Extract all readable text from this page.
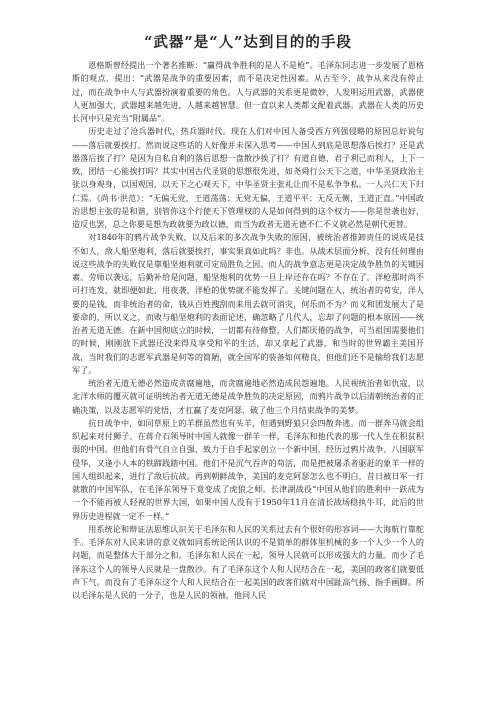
“武器”是“人”达到目的的手段

恩格斯曾经提出一个著名推断：“赢得战争胜利的是人不是枪”。毛泽东同志进一步发展了恩格斯的观点，提出：“武器是战争的重要因素，而不是决定性因素。从古至今，战争从来没有停止过，而在战争中人与武器扮演着重要的角色。人与武器的关系更是微妙，人发明运用武器，武器使人更加强大，武器越来越先进，人越来越智慧。但一直以来人类都文配着武器。武器在人类的历史长河中只是充当“附属品”。

历史走过了沧兵器时代，热兵器时代。现在人们对中国人备受西方列强侵略的原因总好说句——落后就要挨打。然而说这些话的人好像并未深入思考——中国人到底是思想落后挨打？还是武器落后挨了打？是因为自私自利的落后思想一盘散沙挨了打？有道自德，君子利己而利人，上下一致，团结一心能挨打吗？其实中国古代圣贤的思想很先进，如尧舜行公天下之道，中华圣贤政治主张以身观身，以国观国，以天下之心观天下，中华圣贤主张礼让而不是私争争私。一人兴仁天下归仁焉。《尚书·洪范》：“无偏无党，王道荡荡；无党无偏，王道平平；无反无侧，王道正直。”中国政治思想主张的是和谐，别管你这个行使天下管理权的人是如何得到的这个权力——你是世袭也好，造反也罢，总之你要是想为政就要为政以德，而当为政者无道无德不仁不义就必然是朝代更替。

对1840年的鸦片战争失败，以及后来的多次战争失败的原因，被统治者推卸责任的说成是技不如人，敌人船坚炮利，落后就要挨打，事实果真如此吗？非也。从战术层面分析，没有任何理由说这些战争的失败仅是靠船坚炮利就可定局胜负之因。而人的战争意志更是决定战争胜负的关键因素。劳师以袭远，后勤补给是问题，船坚炮利的优势一旦上岸还存在吗？不存在了。洋枪那时尚不可打连发，就即便如此，用夜袭，洋枪的优势就不能发挥了。关键问题在人，统治者的苟安，洋人要的是钱，而非统治者的命，钱从百姓搜刮而来用去就可消灾，何乐而不为？而义和团发展大了是要命的，所以义之，而败与船坚炮利的表面论述，确忽略了几代人，忘却了问题的根本原因——统治者无道无德。在新中国彻底立的时候，一切都有待修整，人们都厌倦的战争，可当祖国需要他们的时候，刚刚放下武器还没来得及享受和平的生活，却又拿起了武器，和当时的世界霸主美国开战，当时我们的志愿军武器是何等的简陋，就全国军的装备如何精良，但他们还不是输给我们志愿军了。

统治者无道无德必然造成贪腐遍地，而贪腐遍地必然造成民怨遍地。人民视统治者如仇寇，以北洋水师的覆灭就可证明统治者无道无德是战争胜负的决定原因，而鸦片战争以后清朝统治者的正确决策，以及志愿军的党悟，才扛赢了麦克阿瑟，破了他三个月结束战争的美梦。

抗日战争中，如同草原上的羊群虽然也有头羊，但遇到野狼只会四散奔逃。而一群奔马就会组织起来对付狮子。在蒋介石领导时中国人就像一群羊一样，毛泽东和他代表的那一代人生在积贫积弱的中国。但他们有骨气自立自强，致力于自手起家创立一个新中国，经历过鸦片战争、八国联军侵华，又逢小人本的铁蹄践踏中国。他们不是沉气吞声的苟活，而是把被屠杀者驱赶的象羊一样的国人组织起来，进行了敌后抗战。再到朝鲜战争，美国的麦克阿瑟怎么也不明白，昔日被日军一打就散的中国军队，在毛泽东领导下竟变成了虎狼之师。长津湖战役“中国从他们的胜利中一跃成为一个不能再被人轻视的世界大国，如果中国人没有于1950年11月在清长战场稳执牛耳，此后的世界历史进程就一定不一样。”

用系统论和辩证法思维认识关于毛泽东和人民的关系过去有个很好的形容词——大海航行靠舵手。毛泽东对人民来讲的意义就如同系统论所认识的不是简单的群体里机械的多一个人少一个人的问题，而是整体大于部分之和。毛泽东和人民在一起，领导人民就可以形成强大的力量。而少了毛泽东这个人的领导人民就是一盘散沙。有了毛泽东这个人和人民结合在一起，美国的政客们就要低声下气。而没有了毛泽东这个人和人民结合在一起美国的政客们就对中国趾高气扬、指手画脚。所以毛泽东是人民的一分子，也是人民的领袖，他同人民
